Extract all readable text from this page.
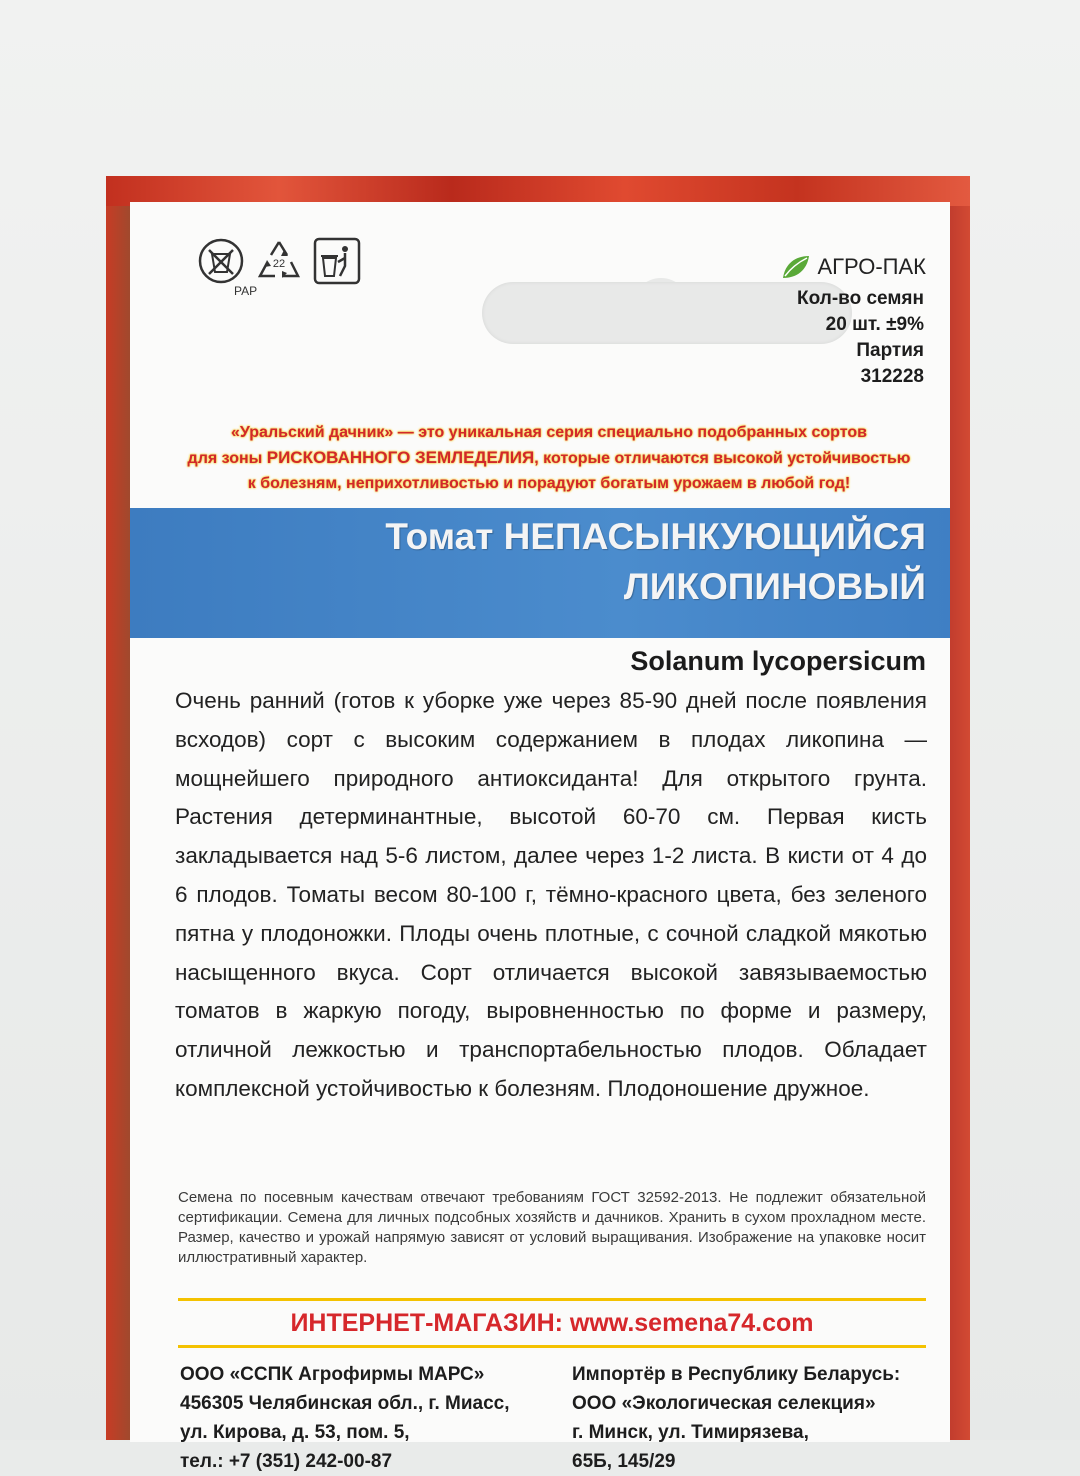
22
PAP
АГРО-ПАК
Кол-во семян
20 шт. ±9%
Партия
312228
«Уральский дачник» — это уникальная серия специально подобранных сортов
для зоны РИСКОВАННОГО ЗЕМЛЕДЕЛИЯ, которые отличаются высокой устойчивостью
к болезням, неприхотливостью и порадуют богатым урожаем в любой год!
Томат НЕПАСЫНКУЮЩИЙСЯ
ЛИКОПИНОВЫЙ
Solanum lycopersicum
Очень ранний (готов к уборке уже через 85-90 дней после появления всходов) сорт с высоким содержанием в плодах ликопина — мощнейшего природного антиоксиданта! Для открытого грунта. Растения детерминантные, высотой 60-70 см. Первая кисть закладывается над 5-6 листом, далее через 1-2 листа. В кисти от 4 до 6 плодов. Томаты весом 80-100 г, тёмно-красного цвета, без зеленого пятна у плодоножки. Плоды очень плотные, с сочной сладкой мякотью насыщенного вкуса. Сорт отличается высокой завязываемостью томатов в жаркую погоду, выровненностью по форме и размеру, отличной лежкостью и транспортабельностью плодов. Обладает комплексной устойчивостью к болезням. Плодоношение дружное.
Семена по посевным качествам отвечают требованиям ГОСТ 32592-2013. Не подлежит обязательной сертификации. Семена для личных подсобных хозяйств и дачников. Хранить в сухом прохладном месте. Размер, качество и урожай напрямую зависят от условий выращивания. Изображение на упаковке носит иллюстративный характер.
ИНТЕРНЕТ-МАГАЗИН: www.semena74.com
ООО «ССПК Агрофирмы МАРС»
456305 Челябинская обл., г. Миасс,
ул. Кирова, д. 53, пом. 5,
тел.: +7 (351) 242-00-87
Импортёр в Республику Беларусь:
ООО «Экологическая селекция»
г. Минск, ул. Тимирязева,
65Б, 145/29
